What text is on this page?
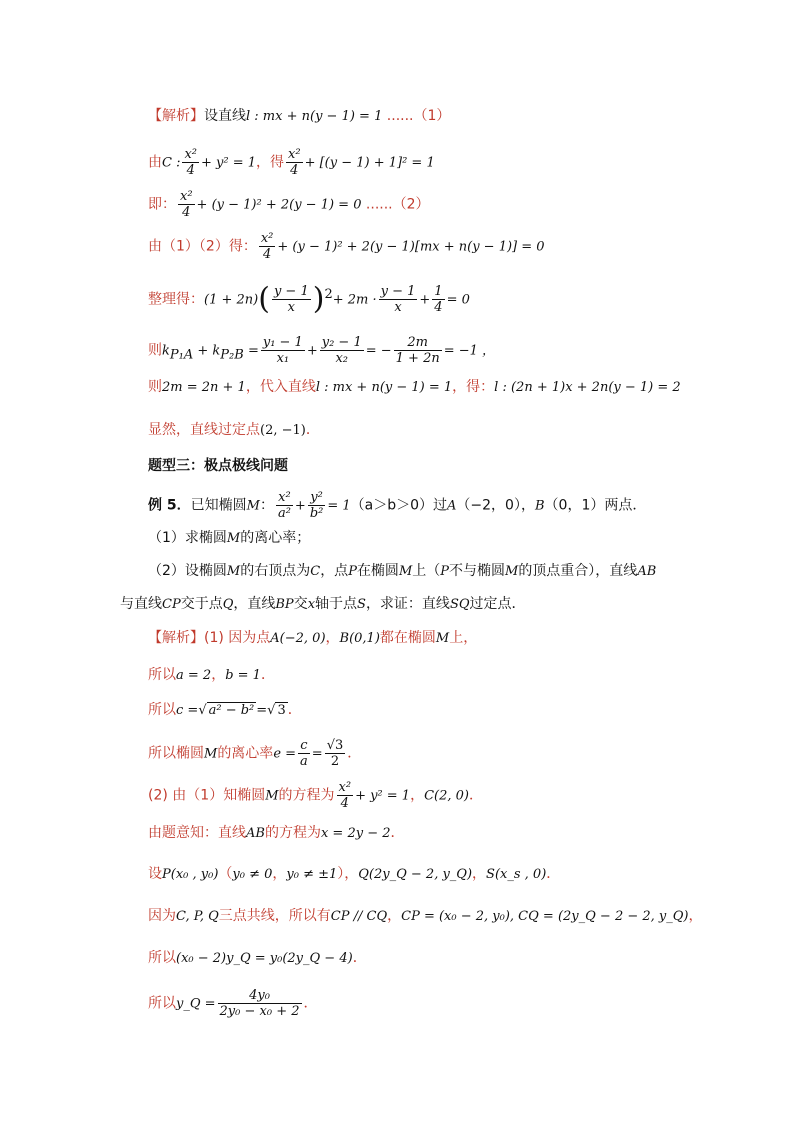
【解析】设直线l : mx + n(y − 1) = 1 ......（1）
由C : $\frac{\text{x²}}{4} + y^2 = 1$，得 $\frac{\text{x²}}{4} + [(y - 1) + 1]^2 = 1$
即： $\frac{\text{x²}}{4} + (y - 1)^2 + 2(y - 1) = 0$ ......（2）
由（1）（2）得： $\frac{\text{x²}}{4} + (y - 1)^2 + 2(y - 1)[mx + n(y - 1)] = 0$
整理得：$(1 + 2n)( \frac{y - 1}{x} )^2+ 2m \cdot \frac{y - 1}{x} + \frac{1}{4} = 0$
则$k_{P_1A} + k_{P_2B} = \frac{\text{y₁ − 1}}{\text{x₁}} + \frac{\text{y₂ − 1}}{\text{x₂}}$ = − $\frac{2m}{1 + 2n} = -1$ ，
则2m = 2n + 1，代入直线l : mx + n(y − 1) = 1，得：l : (2n + 1)x + 2n(y − 1) = 2
显然，直线过定点(2, −1)．
题型三：极点极线问题
例 5．已知椭圆M： $\frac{\text{x²}}{\text{a²}} + \frac{\text{y²}}{\text{b²}} = 1(a>b>0)$过A（−2，0），B（0，1）两点．
（1）求椭圆M的离心率；
（2）设椭圆M的右顶点为C，点P在椭圆M上（P不与椭圆M的顶点重合），直线AB
与直线CP交于点Q，直线BP交x轴于点S，求证：直线SQ过定点．
【解析】(1) 因为点A(−2, 0)，B(0,1)都在椭圆M上，
所以a = 2，b = 1．
所以c =√ a² − b² =√ 3 ．
所以椭圆M的离心率$e = \frac{c}{a} = \frac{√3}{2}$ ．
(2) 由（1）知椭圆M的方程为 $\frac{\text{x²}}{4} + y^2 = 1$，C(2, 0)．
由题意知：直线AB的方程为x = 2y − 2．
设P(x₀ , y₀)（y₀ ≠ 0，y₀ ≠ ±1），Q(2y_Q − 2, y_Q)，S(x_s , 0)．
因为C, P, Q三点共线，所以有CP // CQ，CP = (x₀ − 2, y₀), CQ = (2y_Q − 2 − 2, y_Q)，
所以(x₀ − 2)y_Q = y₀(2y_Q − 4)．
所以y_Q = $\frac{\text{4y₀}}{\text{2y₀ − x₀ + 2}}$ ．
